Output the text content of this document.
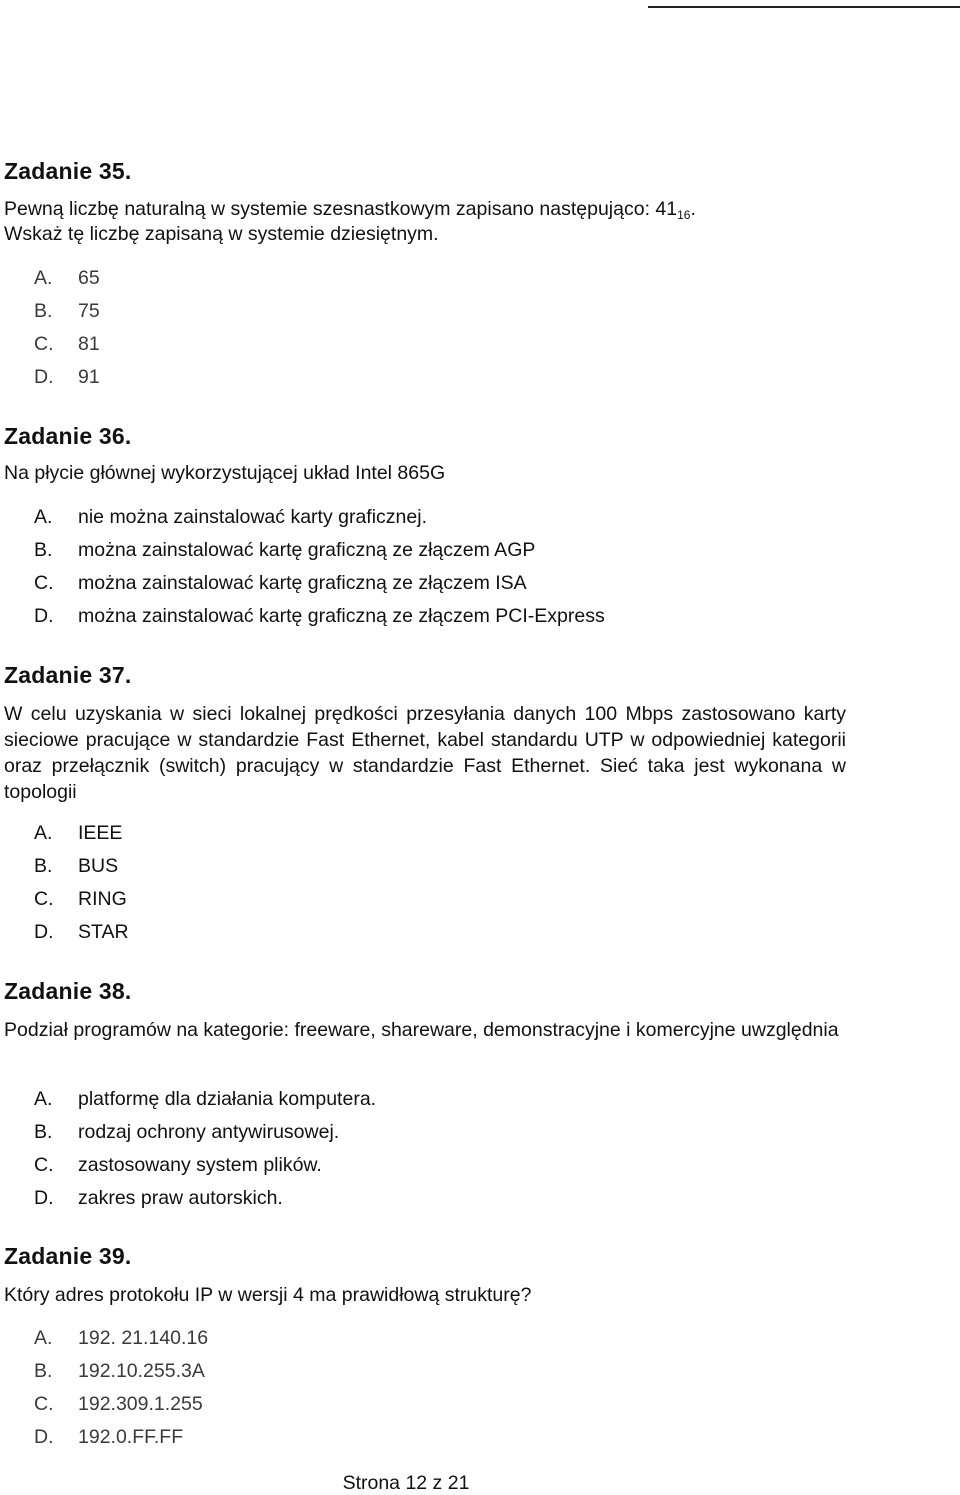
Zadanie 35.

Pewną liczbę naturalną w systemie szesnastkowym zapisano następująco: $41_{16}$.

Wskaż tę liczbę zapisaną w systemie dziesiętnym.

A. 65
B. 75
C. 81
D. 91
Zadanie 36.

Na płycie głównej wykorzystującej układ Intel 865G

A. nie można zainstalować karty graficznej.
B. można zainstalować kartę graficzną ze złączem AGP
C. można zainstalować kartę graficzną ze złączem ISA
D. można zainstalować kartę graficzną ze złączem PCI-Express
Zadanie 37.

W celu uzyskania w sieci lokalnej prędkości przesyłania danych 100 Mbps zastosowano karty sieciowe pracujące w standardzie Fast Ethernet, kabel standardu UTP w odpowiedniej kategorii oraz przełącznik (switch) pracujący w standardzie Fast Ethernet. Sieć taka jest wykonana w topologii

A. IEEE
B. BUS
C. RING
D. STAR
Zadanie 38.

Podział programów na kategorie: freeware, shareware, demonstracyjne i komercyjne uwzględnia

A. platformę dla działania komputera.
B. rodzaj ochrony antywirusowej.
C. zastosowany system plików.
D. zakres praw autorskich.
Zadanie 39.

Który adres protokołu IP w wersji 4 ma prawidłową strukturę?

A. 192. 21.140.16
B. 192.10.255.3A
C. 192.309.1.255
D. 192.0.FF.FF

Strona 12 z 21
